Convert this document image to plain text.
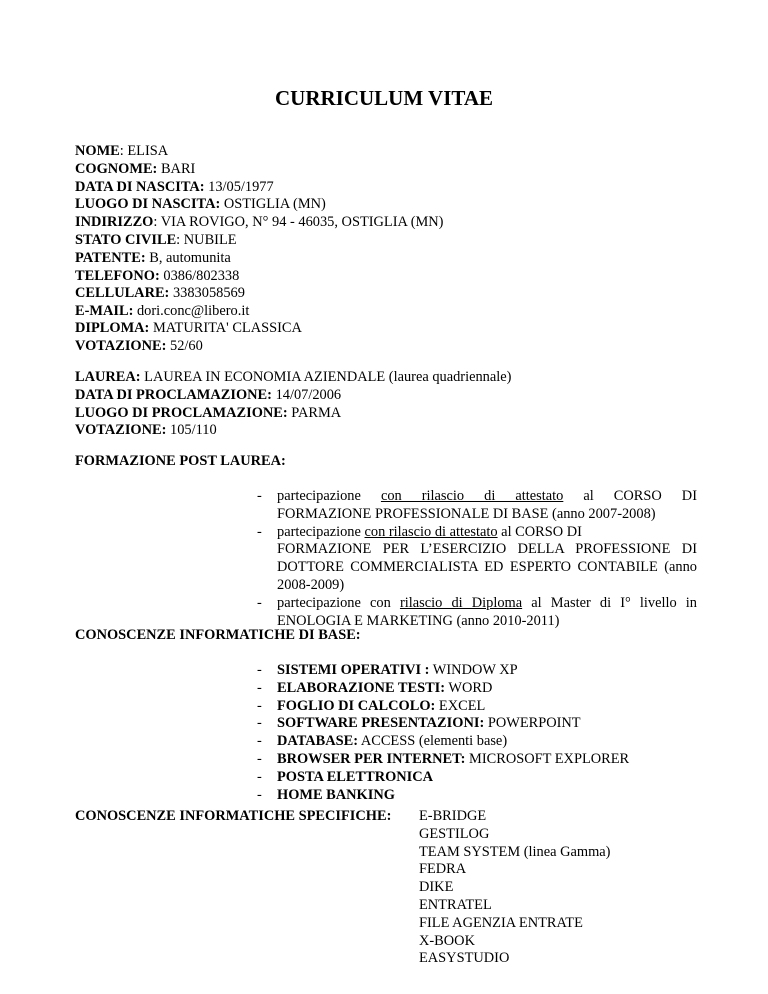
CURRICULUM VITAE
NOME: ELISA
COGNOME: BARI
DATA DI NASCITA: 13/05/1977
LUOGO DI NASCITA: OSTIGLIA (MN)
INDIRIZZO: VIA ROVIGO, N° 94 - 46035, OSTIGLIA (MN)
STATO CIVILE: NUBILE
PATENTE: B, automunita
TELEFONO: 0386/802338
CELLULARE: 3383058569
E-MAIL: dori.conc@libero.it
DIPLOMA: MATURITA' CLASSICA
VOTAZIONE: 52/60
LAUREA: LAUREA IN ECONOMIA AZIENDALE (laurea quadriennale)
DATA DI PROCLAMAZIONE: 14/07/2006
LUOGO DI PROCLAMAZIONE: PARMA
VOTAZIONE: 105/110
FORMAZIONE POST LAUREA:
- partecipazione con rilascio di attestato al CORSO DI
FORMAZIONE PROFESSIONALE DI BASE (anno 2007-2008)
- partecipazione con rilascio di attestato al CORSO DI
FORMAZIONE PER L’ESERCIZIO DELLA PROFESSIONE DI DOTTORE COMMERCIALISTA ED ESPERTO CONTABILE (anno 2008-2009)
- partecipazione con rilascio di Diploma al Master di I° livello in
ENOLOGIA E MARKETING (anno 2010-2011)
CONOSCENZE INFORMATICHE DI BASE:
- SISTEMI OPERATIVI : WINDOW XP
- ELABORAZIONE TESTI: WORD
- FOGLIO DI CALCOLO: EXCEL
- SOFTWARE PRESENTAZIONI: POWERPOINT
- DATABASE: ACCESS (elementi base)
- BROWSER PER INTERNET: MICROSOFT EXPLORER
- POSTA ELETTRONICA
- HOME BANKING
CONOSCENZE INFORMATICHE SPECIFICHE: E-BRIDGE
GESTILOG
TEAM SYSTEM (linea Gamma)
FEDRA
DIKE
ENTRATEL
FILE AGENZIA ENTRATE
X-BOOK
EASYSTUDIO
